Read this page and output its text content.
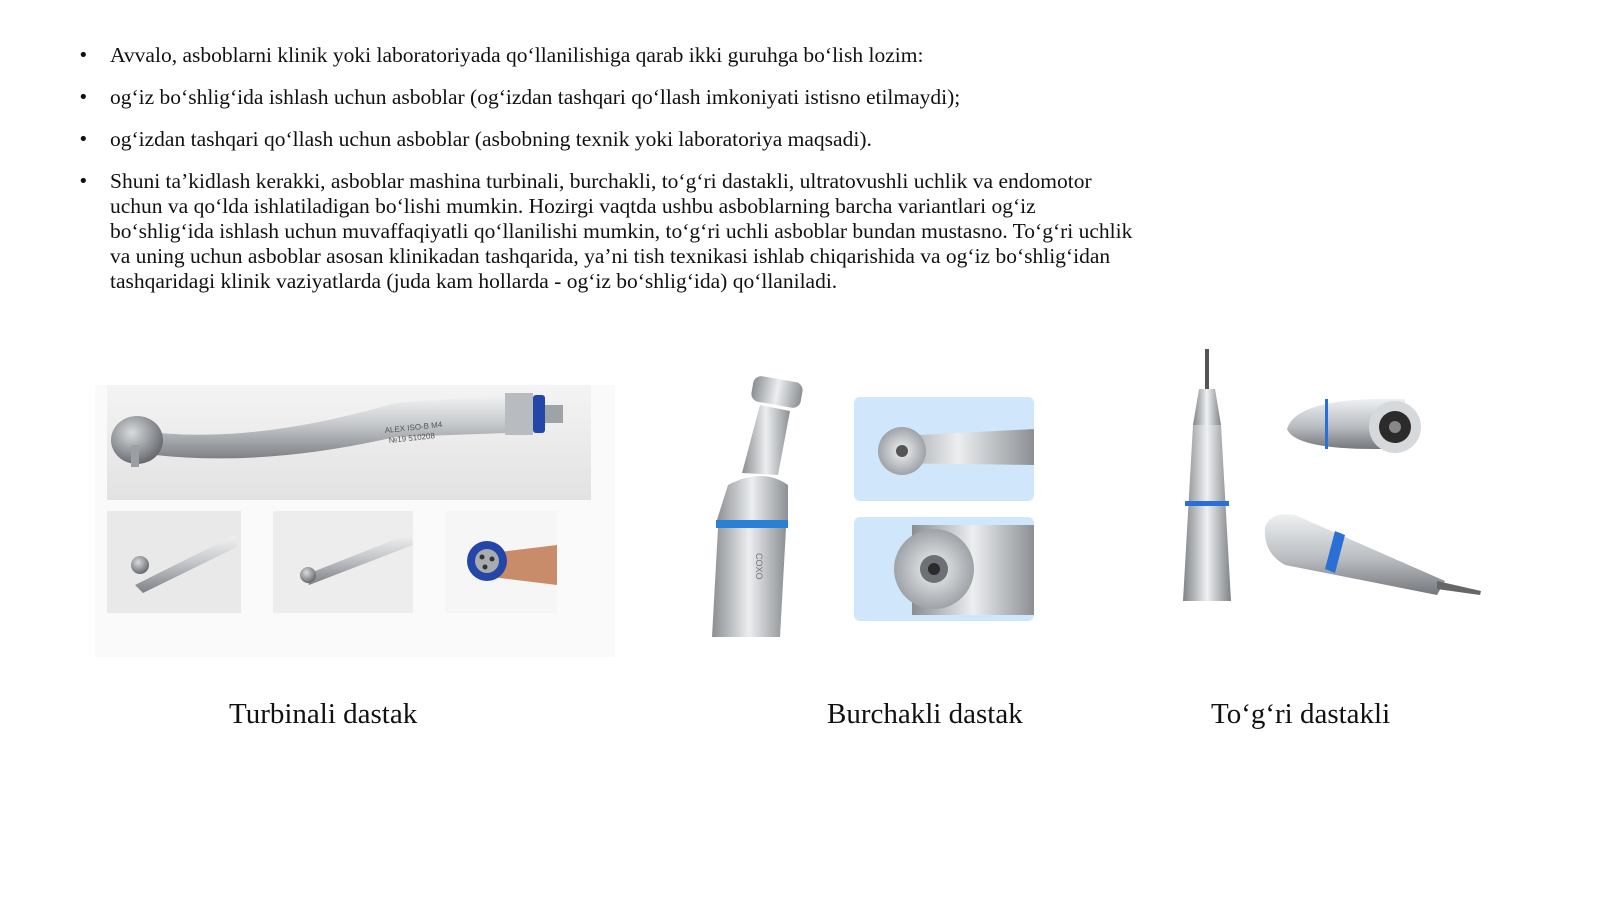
• Avvalo, asboblarni klinik yoki laboratoriyada qo‘llanilishiga qarab ikki guruhga bo‘lish lozim:
• og‘iz bo‘shlig‘ida ishlash uchun asboblar (og‘izdan tashqari qo‘llash imkoniyati istisno etilmaydi);
• og‘izdan tashqari qo‘llash uchun asboblar (asbobning texnik yoki laboratoriya maqsadi).
• Shuni ta’kidlash kerakki, asboblar mashina turbinali, burchakli, to‘g‘ri dastakli, ultratovushli uchlik va endomotor uchun va qo‘lda ishlatiladigan bo‘lishi mumkin. Hozirgi vaqtda ushbu asboblarning barcha variantlari og‘iz bo‘shlig‘ida ishlash uchun muvaffaqiyatli qo‘llanilishi mumkin, to‘g‘ri uchli asboblar bundan mustasno. To‘g‘ri uchlik va uning uchun asboblar asosan klinikadan tashqarida, ya’ni tish texnikasi ishlab chiqarishida va og‘iz bo‘shlig‘idan tashqaridagi klinik vaziyatlarda (juda kam hollarda - og‘iz bo‘shlig‘ida) qo‘llaniladi.
ALEX ISO-B M4
№19 510208
COXO
Turbinali dastak	Burchakli dastak	To‘g‘ri dastakli
